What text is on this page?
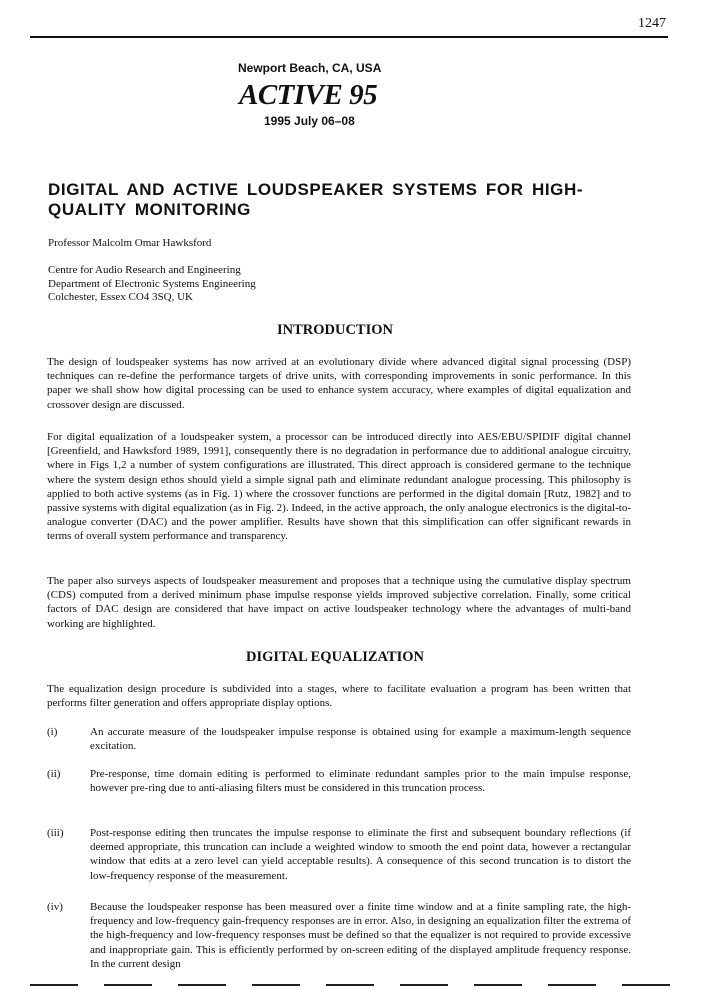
1247
Newport Beach, CA, USA
ACTIVE 95
1995 July 06–08
DIGITAL AND ACTIVE LOUDSPEAKER SYSTEMS FOR HIGH-QUALITY MONITORING
Professor Malcolm Omar Hawksford
Centre for Audio Research and Engineering
Department of Electronic Systems Engineering
Colchester, Essex CO4 3SQ, UK
INTRODUCTION

The design of loudspeaker systems has now arrived at an evolutionary divide where advanced digital signal processing (DSP) techniques can re-define the performance targets of drive units, with corresponding improvements in sonic performance. In this paper we shall show how digital processing can be used to enhance system accuracy, where examples of digital equalization and crossover design are discussed.

For digital equalization of a loudspeaker system, a processor can be introduced directly into AES/EBU/SPIDIF digital channel [Greenfield, and Hawksford 1989, 1991], consequently there is no degradation in performance due to additional analogue circuitry, where in Figs 1,2 a number of system configurations are illustrated. This direct approach is considered germane to the technique where the system design ethos should yield a simple signal path and eliminate redundant analogue processing. This philosophy is applied to both active systems (as in Fig. 1) where the crossover functions are performed in the digital domain [Rutz, 1982] and to passive systems with digital equalization (as in Fig. 2). Indeed, in the active approach, the only analogue electronics is the digital-to-analogue converter (DAC) and the power amplifier. Results have shown that this simplification can offer significant rewards in terms of overall system performance and transparency.

The paper also surveys aspects of loudspeaker measurement and proposes that a technique using the cumulative display spectrum (CDS) computed from a derived minimum phase impulse response yields improved subjective correlation. Finally, some critical factors of DAC design are considered that have impact on active loudspeaker technology where the advantages of multi-band working are highlighted.

DIGITAL EQUALIZATION

The equalization design procedure is subdivided into a stages, where to facilitate evaluation a program has been written that performs filter generation and offers appropriate display options.

(i)	An accurate measure of the loudspeaker impulse response is obtained using for example a maximum-length sequence excitation.

(ii)	Pre-response, time domain editing is performed to eliminate redundant samples prior to the main impulse response, however pre-ring due to anti-aliasing filters must be considered in this truncation process.

(iii) Post-response editing then truncates the impulse response to eliminate the first and subsequent boundary reflections (if deemed appropriate, this truncation can include a weighted window to smooth the end point data, however a rectangular window that edits at a zero level can yield acceptable results). A consequence of this second truncation is to distort the low-frequency response of the measurement.

(iv) Because the loudspeaker response has been measured over a finite time window and at a finite sampling rate, the high-frequency and low-frequency gain-frequency responses are in error. Also, in designing an equalization filter the extrema of the high-frequency and low-frequency responses must be defined so that the equalizer is not required to provide excessive and inappropriate gain. This is efficiently performed by on-screen editing of the displayed amplitude frequency response. In the current design
